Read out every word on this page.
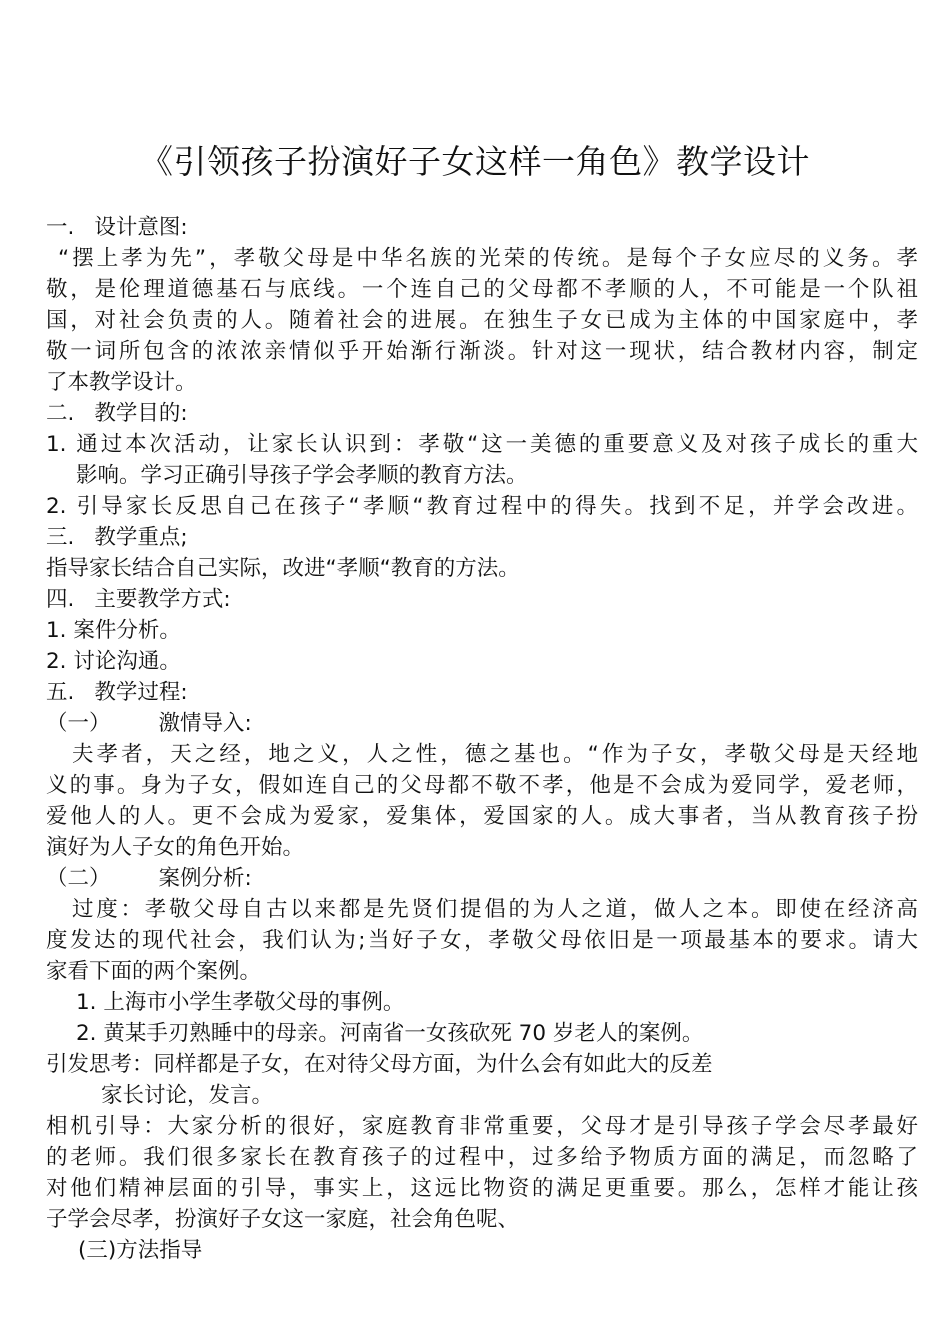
《引领孩子扮演好子女这样一角色》教学设计
一. 设计意图:
“摆上孝为先”，孝敬父母是中华名族的光荣的传统。是每个子女应尽的义务。孝
敬，是伦理道德基石与底线。一个连自己的父母都不孝顺的人，不可能是一个队祖
国，对社会负责的人。随着社会的进展。在独生子女已成为主体的中国家庭中，孝
敬一词所包含的浓浓亲情似乎开始渐行渐淡。针对这一现状，结合教材内容，制定
了本教学设计。
二. 教学目的:
1. 通过本次活动，让家长认识到：孝敬“这一美德的重要意义及对孩子成长的重大
影响。学习正确引导孩子学会孝顺的教育方法。
2. 引导家长反思自己在孩子“孝顺“教育过程中的得失。找到不足，并学会改进。
三. 教学重点;
指导家长结合自己实际，改进“孝顺“教育的方法。
四. 主要教学方式:
1. 案件分析。
2. 讨论沟通。
五. 教学过程:
（一） 激情导入:
夫孝者，天之经，地之义，人之性，德之基也。“作为子女，孝敬父母是天经地
义的事。身为子女，假如连自己的父母都不敬不孝，他是不会成为爱同学，爱老师，
爱他人的人。更不会成为爱家，爱集体，爱国家的人。成大事者，当从教育孩子扮
演好为人子女的角色开始。
（二） 案例分析:
过度：孝敬父母自古以来都是先贤们提倡的为人之道，做人之本。即使在经济高
度发达的现代社会，我们认为;当好子女，孝敬父母依旧是一项最基本的要求。请大
家看下面的两个案例。
1. 上海市小学生孝敬父母的事例。
2. 黄某手刃熟睡中的母亲。河南省一女孩砍死 70 岁老人的案例。
引发思考：同样都是子女，在对待父母方面，为什么会有如此大的反差
家长讨论，发言。
相机引导：大家分析的很好，家庭教育非常重要，父母才是引导孩子学会尽孝最好
的老师。我们很多家长在教育孩子的过程中，过多给予物质方面的满足，而忽略了
对他们精神层面的引导，事实上，这远比物资的满足更重要。那么，怎样才能让孩
子学会尽孝，扮演好子女这一家庭，社会角色呢、
(三)方法指导
